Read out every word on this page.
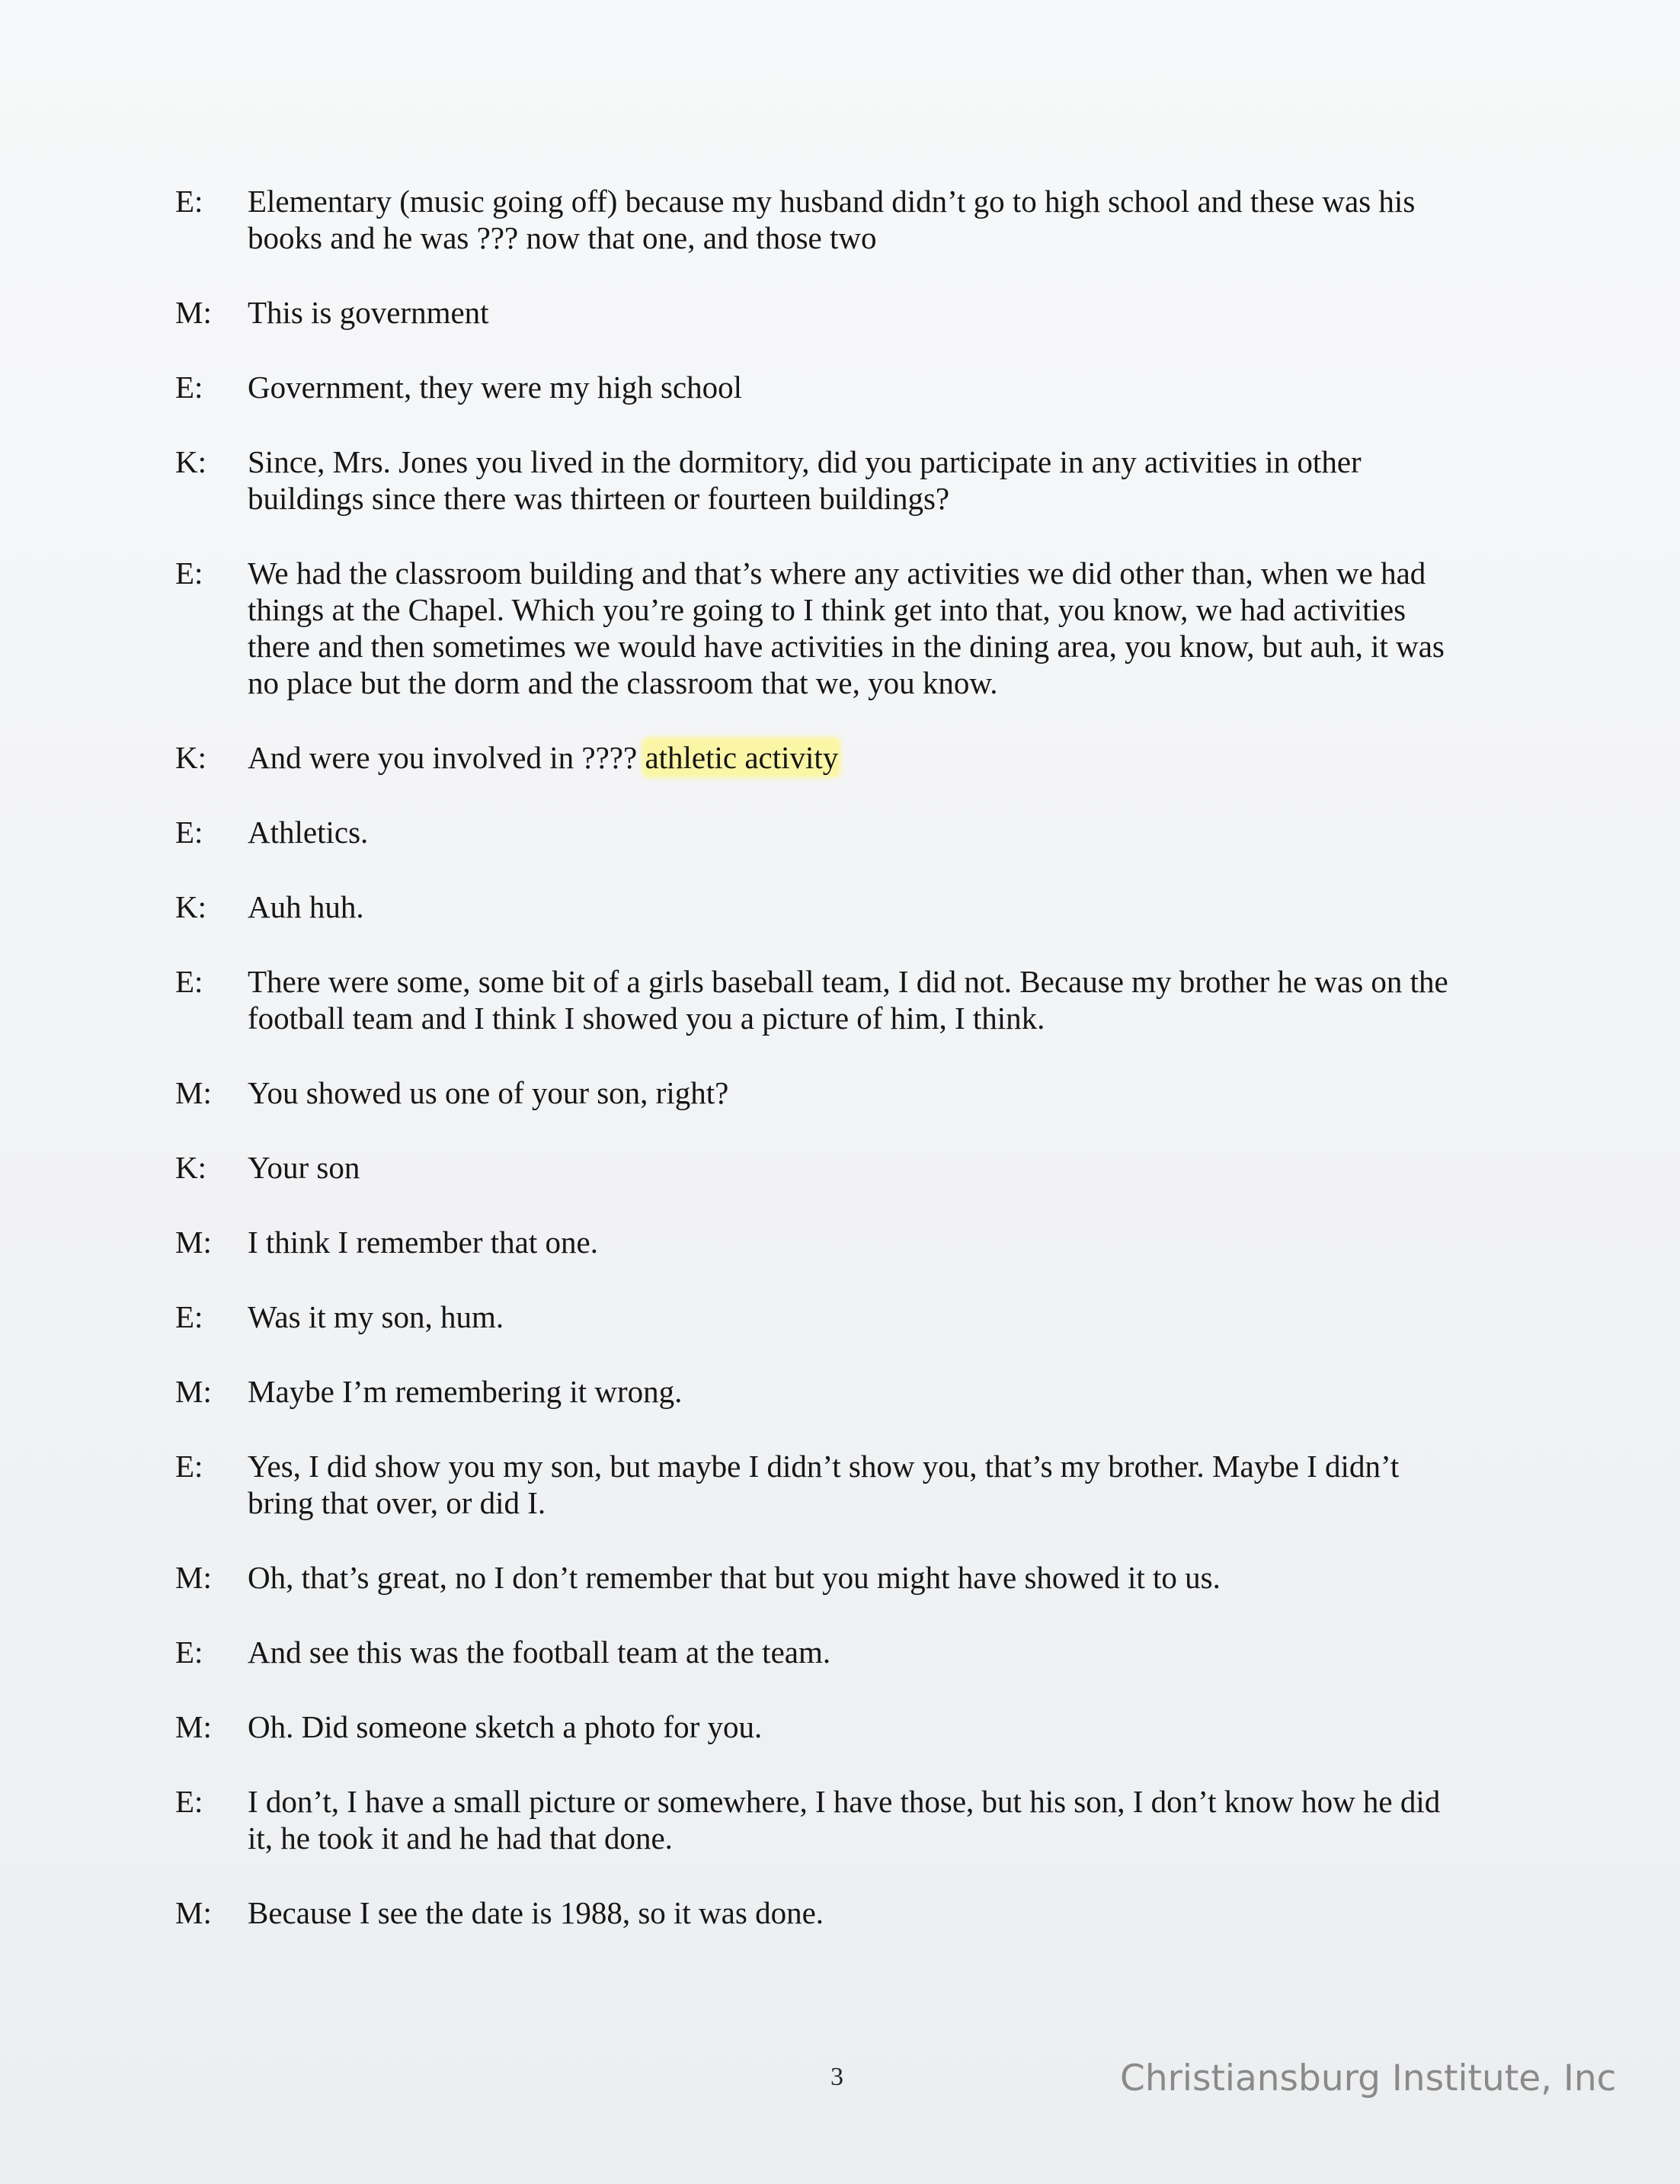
E:	Elementary (music going off) because my husband didn’t go to high school and these was his books and he was ??? now that one, and those two
M:	This is government
E:	Government, they were my high school
K:	Since, Mrs. Jones you lived in the dormitory, did you participate in any activities in other buildings since there was thirteen or fourteen buildings?
E:	We had the classroom building and that’s where any activities we did other than, when we had things at the Chapel. Which you’re going to I think get into that, you know, we had activities there and then sometimes we would have activities in the dining area, you know, but auh, it was no place but the dorm and the classroom that we, you know.
K:	And were you involved in ???? athletic activity
E:	Athletics.
K:	Auh huh.
E:	There were some, some bit of a girls baseball team, I did not. Because my brother he was on the football team and I think I showed you a picture of him, I think.
M:	You showed us one of your son, right?
K:	Your son
M:	I think I remember that one.
E:	Was it my son, hum.
M:	Maybe I’m remembering it wrong.
E:	Yes, I did show you my son, but maybe I didn’t show you, that’s my brother. Maybe I didn’t bring that over, or did I.
M:	Oh, that’s great, no I don’t remember that but you might have showed it to us.
E:	And see this was the football team at the team.
M:	Oh. Did someone sketch a photo for you.
E:	I don’t, I have a small picture or somewhere, I have those, but his son, I don’t know how he did it, he took it and he had that done.
M:	Because I see the date is 1988, so it was done.
3	Christiansburg Institute, Inc
